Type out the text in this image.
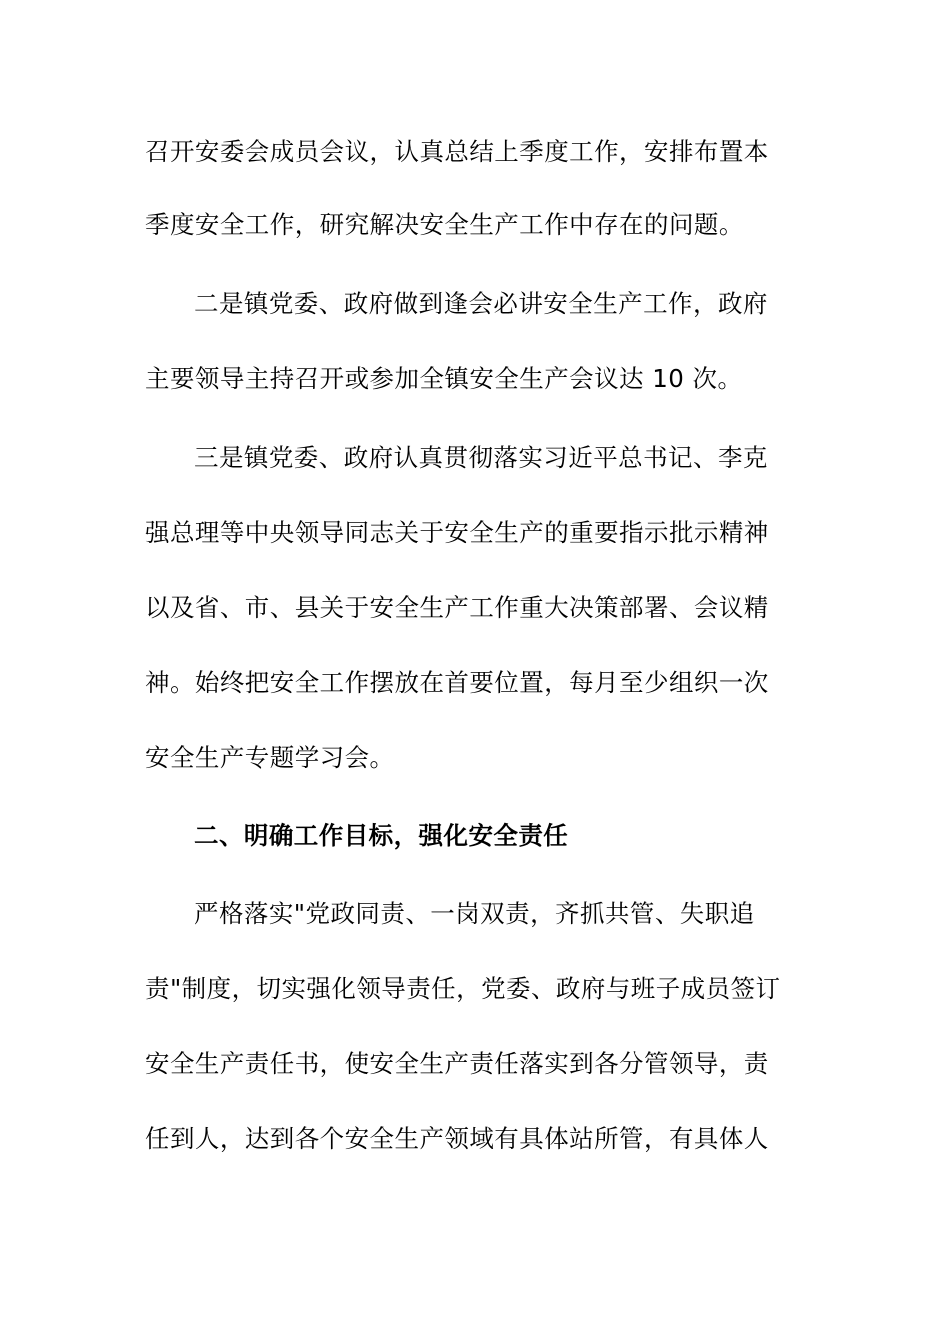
召开安委会成员会议，认真总结上季度工作，安排布置本
季度安全工作，研究解决安全生产工作中存在的问题。
二是镇党委、政府做到逢会必讲安全生产工作，政府
主要领导主持召开或参加全镇安全生产会议达 10 次。
三是镇党委、政府认真贯彻落实习近平总书记、李克
强总理等中央领导同志关于安全生产的重要指示批示精神
以及省、市、县关于安全生产工作重大决策部署、会议精
神。始终把安全工作摆放在首要位置，每月至少组织一次
安全生产专题学习会。
二、明确工作目标，强化安全责任
严格落实"党政同责、一岗双责，齐抓共管、失职追
责"制度，切实强化领导责任，党委、政府与班子成员签订
安全生产责任书，使安全生产责任落实到各分管领导，责
任到人，达到各个安全生产领域有具体站所管，有具体人
